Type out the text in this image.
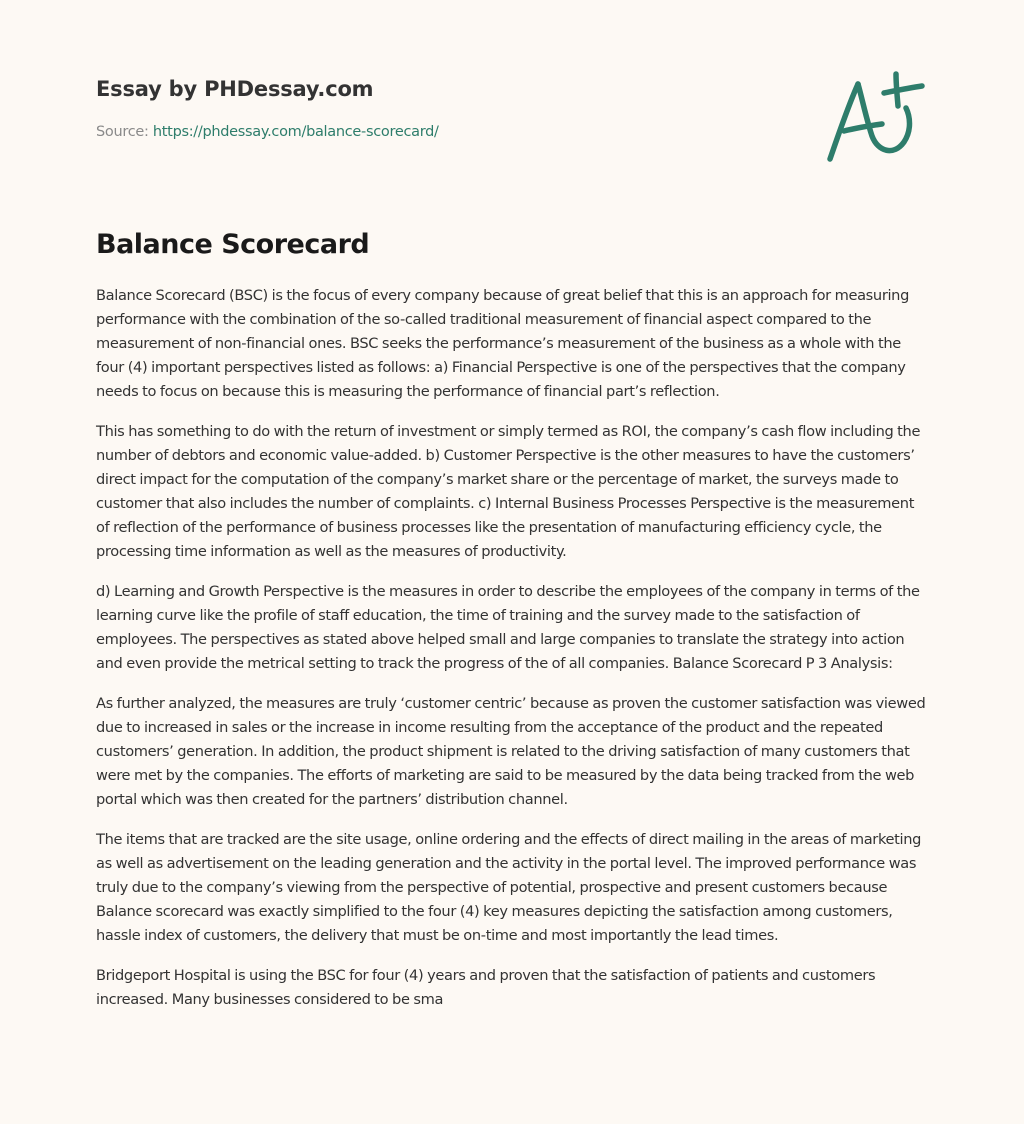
Essay by PHDessay.com
Source: https://phdessay.com/balance-scorecard/
Balance Scorecard

Balance Scorecard (BSC) is the focus of every company because of great belief that this is an approach for measuring performance with the combination of the so-called traditional measurement of financial aspect compared to the measurement of non-financial ones. BSC seeks the performance’s measurement of the business as a whole with the four (4) important perspectives listed as follows: a) Financial Perspective is one of the perspectives that the company needs to focus on because this is measuring the performance of financial part’s reflection.

This has something to do with the return of investment or simply termed as ROI, the company’s cash flow including the number of debtors and economic value-added. b) Customer Perspective is the other measures to have the customers’ direct impact for the computation of the company’s market share or the percentage of market, the surveys made to customer that also includes the number of complaints. c) Internal Business Processes Perspective is the measurement of reflection of the performance of business processes like the presentation of manufacturing efficiency cycle, the processing time information as well as the measures of productivity.

d) Learning and Growth Perspective is the measures in order to describe the employees of the company in terms of the learning curve like the profile of staff education, the time of training and the survey made to the satisfaction of employees. The perspectives as stated above helped small and large companies to translate the strategy into action and even provide the metrical setting to track the progress of the of all companies. Balance Scorecard P 3 Analysis:

As further analyzed, the measures are truly ‘customer centric’ because as proven the customer satisfaction was viewed due to increased in sales or the increase in income resulting from the acceptance of the product and the repeated customers’ generation. In addition, the product shipment is related to the driving satisfaction of many customers that were met by the companies. The efforts of marketing are said to be measured by the data being tracked from the web portal which was then created for the partners’ distribution channel.

The items that are tracked are the site usage, online ordering and the effects of direct mailing in the areas of marketing as well as advertisement on the leading generation and the activity in the portal level. The improved performance was truly due to the company’s viewing from the perspective of potential, prospective and present customers because Balance scorecard was exactly simplified to the four (4) key measures depicting the satisfaction among customers, hassle index of customers, the delivery that must be on-time and most importantly the lead times.

Bridgeport Hospital is using the BSC for four (4) years and proven that the satisfaction of patients and customers increased. Many businesses considered to be sma
